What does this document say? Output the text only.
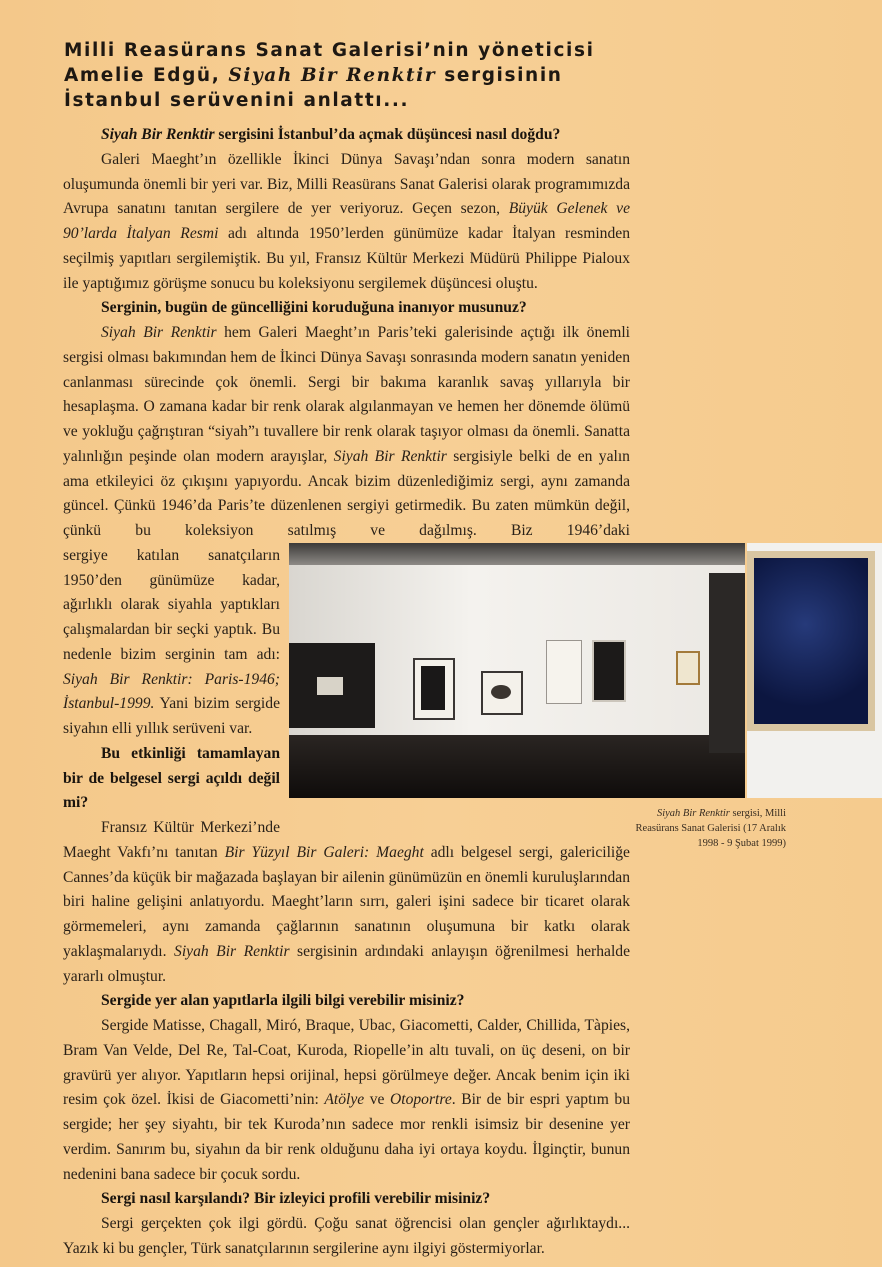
Milli Reasürans Sanat Galerisi’nin yöneticisi Amelie Edgü, Siyah Bir Renktir sergisinin İstanbul serüvenini anlattı...

Siyah Bir Renktir sergisini İstanbul’da açmak düşüncesi nasıl doğdu?

Galeri Maeght’ın özellikle İkinci Dünya Savaşı’ndan sonra modern sanatın oluşumunda önemli bir yeri var. Biz, Milli Reasürans Sanat Galerisi olarak programımızda Avrupa sanatını tanıtan sergilere de yer veriyoruz. Geçen sezon, Büyük Gelenek ve 90’larda İtalyan Resmi adı altında 1950’lerden günümüze kadar İtalyan resminden seçilmiş yapıtları sergilemiştik. Bu yıl, Fransız Kültür Merkezi Müdürü Philippe Pialoux ile yaptığımız görüşme sonucu bu koleksiyonu sergilemek düşüncesi oluştu.

Serginin, bugün de güncelliğini koruduğuna inanıyor musunuz?

Siyah Bir Renktir hem Galeri Maeght’ın Paris’teki galerisinde açtığı ilk önemli sergisi olması bakımından hem de İkinci Dünya Savaşı sonrasında modern sanatın yeniden canlanması sürecinde çok önemli. Sergi bir bakıma karanlık savaş yıllarıyla bir hesaplaşma. O zamana kadar bir renk olarak algılanmayan ve hemen her dönemde ölümü ve yokluğu çağrıştıran “siyah”ı tuvallere bir renk olarak taşıyor olması da önemli. Sanatta yalınlığın peşinde olan modern arayışlar, Siyah Bir Renktir sergisiyle belki de en yalın ama etkileyici öz çıkışını yapıyordu. Ancak bizim düzenlediğimiz sergi, aynı zamanda güncel. Çünkü 1946’da Paris’te düzenlenen sergiyi getirmedik. Bu zaten mümkün değil, çünkü bu koleksiyon satılmış ve dağılmış. Biz 1946’daki

sergiye katılan sanatçıların 1950’den günümüze kadar, ağırlıklı olarak siyahla yaptıkları çalışmalardan bir seçki yaptık. Bu nedenle bizim serginin tam adı: Siyah Bir Renktir: Paris-1946; İstanbul-1999. Yani bizim sergide siyahın elli yıllık serüveni var.

Bu etkinliği tamamlayan bir de belgesel sergi açıldı değil mi?

Fransız Kültür Merkezi’nde Maeght Vakfı’nı tanıtan Bir Yüzyıl Bir Galeri: Maeght adlı belgesel sergi, galericiliğe Cannes’da küçük bir mağazada başlayan bir ailenin günümüzün en önemli kuruluşlarından biri haline gelişini anlatıyordu. Maeght’ların sırrı, galeri işini sadece bir ticaret olarak görmemeleri, aynı zamanda çağlarının sanatının oluşumuna bir katkı olarak yaklaşmalarıydı. Siyah Bir Renktir sergisinin ardındaki anlayışın öğrenilmesi herhalde yararlı olmuştur.

Sergide yer alan yapıtlarla ilgili bilgi verebilir misiniz?

Sergide Matisse, Chagall, Miró, Braque, Ubac, Giacometti, Calder, Chillida, Tàpies, Bram Van Velde, Del Re, Tal-Coat, Kuroda, Riopelle’in altı tuvali, on üç deseni, on bir gravürü yer alıyor. Yapıtların hepsi orijinal, hepsi görülmeye değer. Ancak benim için iki resim çok özel. İkisi de Giacometti’nin: Atölye ve Otoportre. Bir de bir espri yaptım bu sergide; her şey siyahtı, bir tek Kuroda’nın sadece mor renkli isimsiz bir desenine yer verdim. Sanırım bu, siyahın da bir renk olduğunu daha iyi ortaya koydu. İlginçtir, bunun nedenini bana sadece bir çocuk sordu.

Sergi nasıl karşılandı? Bir izleyici profili verebilir misiniz?

Sergi gerçekten çok ilgi gördü. Çoğu sanat öğrencisi olan gençler ağırlıktaydı... Yazık ki bu gençler, Türk sanatçılarının sergilerine aynı ilgiyi göstermiyorlar.

Siyah Bir Renktir sergisi, Milli Reasürans Sanat Galerisi (17 Aralık 1998 - 9 Şubat 1999)
